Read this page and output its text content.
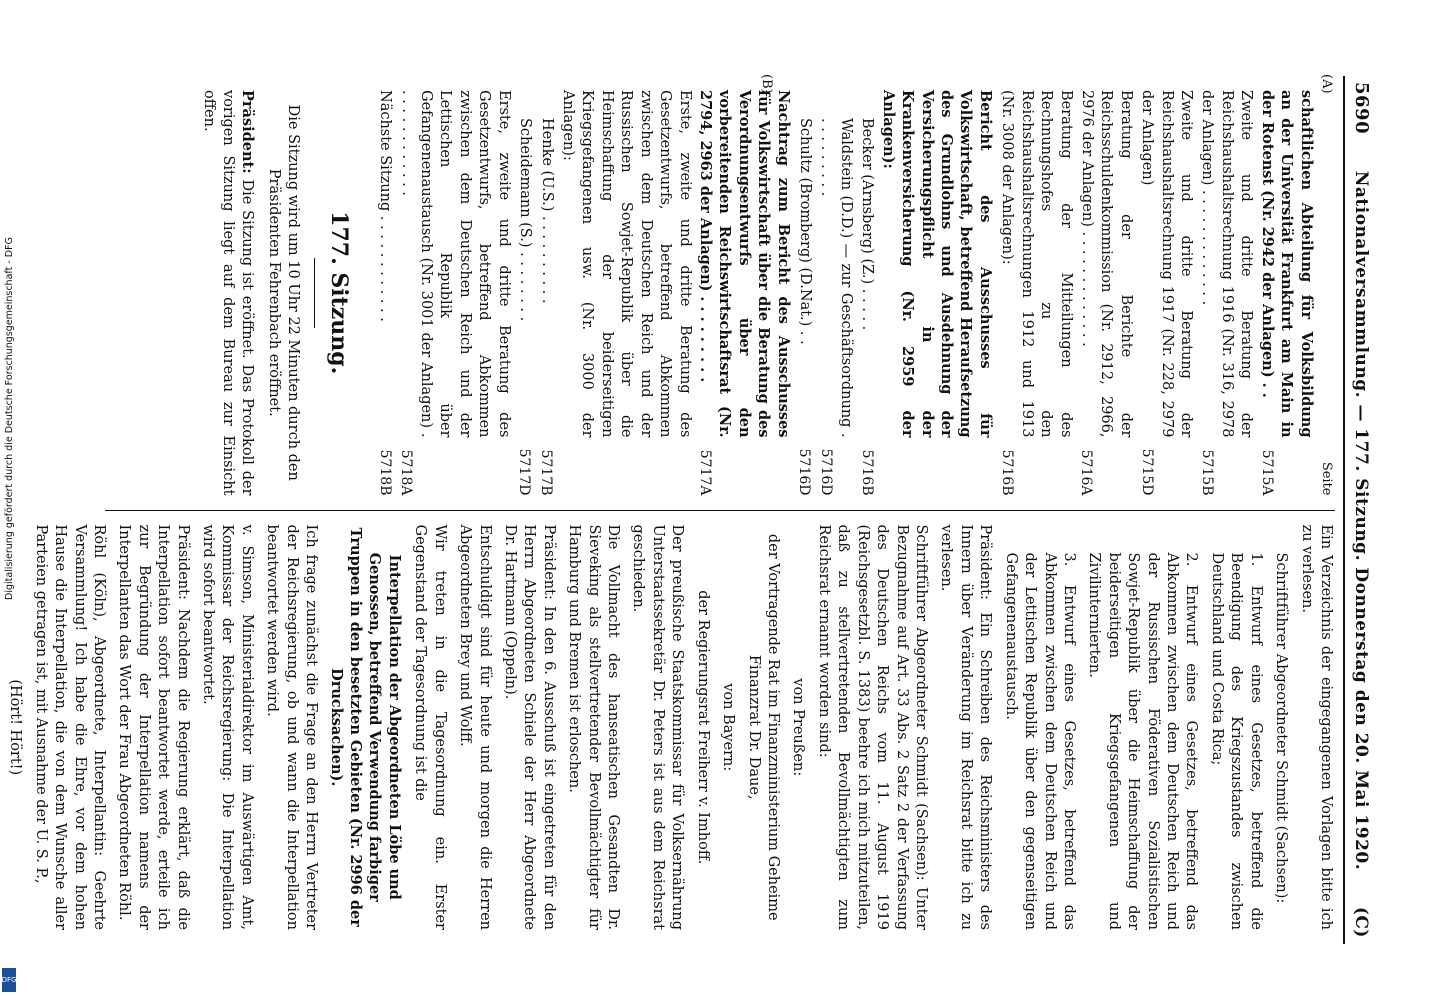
5690
Nationalversammlung. — 177. Sitzung. Donnerstag den 20. Mai 1920.
(C)
(A)
(B)
Seite
schaftlichen Abteilung für Volksbildung an der Universität Frankfurt am Main in der Rotenst (Nr. 2942 der Anlagen) . .
5715A
Zweite und dritte Beratung der Reichshaushaltsrechnung 1916 (Nr. 316, 2978 der Anlagen) . . . . . . . . . . . . .
5715B
Zweite und dritte Beratung der Reichshaushaltsrechnung 1917 (Nr. 228, 2979 der Anlagen)
5715D
Beratung der Berichte der Reichsschuldenkommission (Nr. 2912, 2966, 2976 der Anlagen) . . . . . . . . . . . . .
5716A
Beratung der Mitteilungen des Rechnungshofes zu den Reichshaushaltsrechnungen 1912 und 1913 (Nr. 3008 der Anlagen):
5716B
Bericht des Ausschusses für Volkswirtschaft, betreffend Heraufsetzung des Grundlohns und Ausdehnung der Versicherungspflicht in der Krankenversicherung (Nr. 2959 der Anlagen):
Becker (Arnsberg) (Z.) . . . . .
5716B
Waldstein (D.D.) — zur Geschäftsordnung . . . . . . . . . .
5716D
Schultz (Bromberg) (D.Nat.) . .
5716D
Nachtrag zum Bericht des Ausschusses für Volkswirtschaft über die Beratung des Verordnungsentwurfs über den vorbereitenden Reichswirtschaftsrat (Nr. 2794, 2963 der Anlagen) . . . . . . . . .
5717A
Erste, zweite und dritte Beratung des Gesetzentwurfs, betreffend Abkommen zwischen dem Deutschen Reich und der Russischen Sowjet-Republik über die Heimschaffung der beiderseitigen Kriegsgefangenen usw. (Nr. 3000 der Anlagen):
Henke (U.S.) . . . . . . . . . .
5717B
Scheidemann (S.) . . . . . . . .
5717D
Erste, zweite und dritte Beratung des Gesetzentwurfs, betreffend Abkommen zwischen dem Deutschen Reich und der Lettischen Republik über Gefangenenaustausch (Nr. 3001 der Anlagen) . . . . . . . . . . . . .
5718A
Nächste Sitzung . . . . . . . . . . . .
5718B
177. Sitzung.

Die Sitzung wird um 10 Uhr 22 Minuten durch den Präsidenten Fehrenbach eröffnet.

Präsident: Die Sitzung ist eröffnet. Das Protokoll der vorigen Sitzung liegt auf dem Bureau zur Einsicht offen.

Ein Verzeichnis der eingegangenen Vorlagen bitte ich zu verlesen.

Schriftführer Abgeordneter Schmidt (Sachsen):

1. Entwurf eines Gesetzes, betreffend die Beendigung des Kriegszustandes zwischen Deutschland und Costa Rica;

2. Entwurf eines Gesetzes, betreffend das Abkommen zwischen dem Deutschen Reich und der Russischen Föderativen Sozialistischen Sowjet-Republik über die Heimschaffung der beiderseitigen Kriegsgefangenen und Zivilinternierten.

3. Entwurf eines Gesetzes, betreffend das Abkommen zwischen dem Deutschen Reich und der Lettischen Republik über den gegenseitigen Gefangenenaustausch.

Präsident: Ein Schreiben des Reichsministers des Innern über Veränderung im Reichsrat bitte ich zu verlesen.

Schriftführer Abgeordneter Schmidt (Sachsen): Unter Bezugnahme auf Art. 33 Abs. 2 Satz 2 der Verfassung des Deutschen Reichs vom 11. August 1919 (Reichsgesetzbl. S. 1383) beehre ich mich mitzuteilen, daß zu stellvertretenden Bevollmächtigten zum Reichsrat ernannt worden sind:

von Preußen:

der Vortragende Rat im Finanzministerium Geheime Finanzrat Dr. Daue,

von Bayern:

der Regierungsrat Freiherr v. Imhoff.

Der preußische Staatskommissar für Volksernährung Unterstaatssekretär Dr. Peters ist aus dem Reichsrat geschieden.

Die Vollmacht des hanseatischen Gesandten Dr. Sieveking als stellvertretender Bevollmächtigter für Hamburg und Bremen ist erloschen.

Präsident: In den 6. Ausschuß ist eingetreten für den Herrn Abgeordneten Schiele der Herr Abgeordnete Dr. Hartmann (Oppeln).

Entschuldigt sind für heute und morgen die Herren Abgeordneten Brey und Wolff.

Wir treten in die Tagesordnung ein. Erster Gegenstand der Tagesordnung ist die

Interpellation der Abgeordneten Löbe und Genossen, betreffend Verwendung farbiger Truppen in den besetzten Gebieten (Nr. 2996 der Drucksachen).

Ich frage zunächst die Frage an den Herrn Vertreter der Reichsregierung, ob und wann die Interpellation beantwortet werden wird.

v. Simson, Ministerialdirektor im Auswärtigen Amt, Kommissar der Reichsregierung: Die Interpellation wird sofort beantwortet.

Präsident: Nachdem die Regierung erklärt, daß die Interpellation sofort beantwortet werde, erteile ich zur Begründung der Interpellation namens der Interpellanten das Wort der Frau Abgeordneten Röhl.

Röhl (Köln), Abgeordnete, Interpellantin: Geehrte Versammlung! Ich habe die Ehre, vor dem hohen Hause die Interpellation, die von dem Wunsche aller Parteien getragen ist, mit Ausnahme der U. S. P.,

(Hört! Hört!)

Digitalisierung gefördert durch die Deutsche Forschungsgemeinschaft - DFG
DFG
